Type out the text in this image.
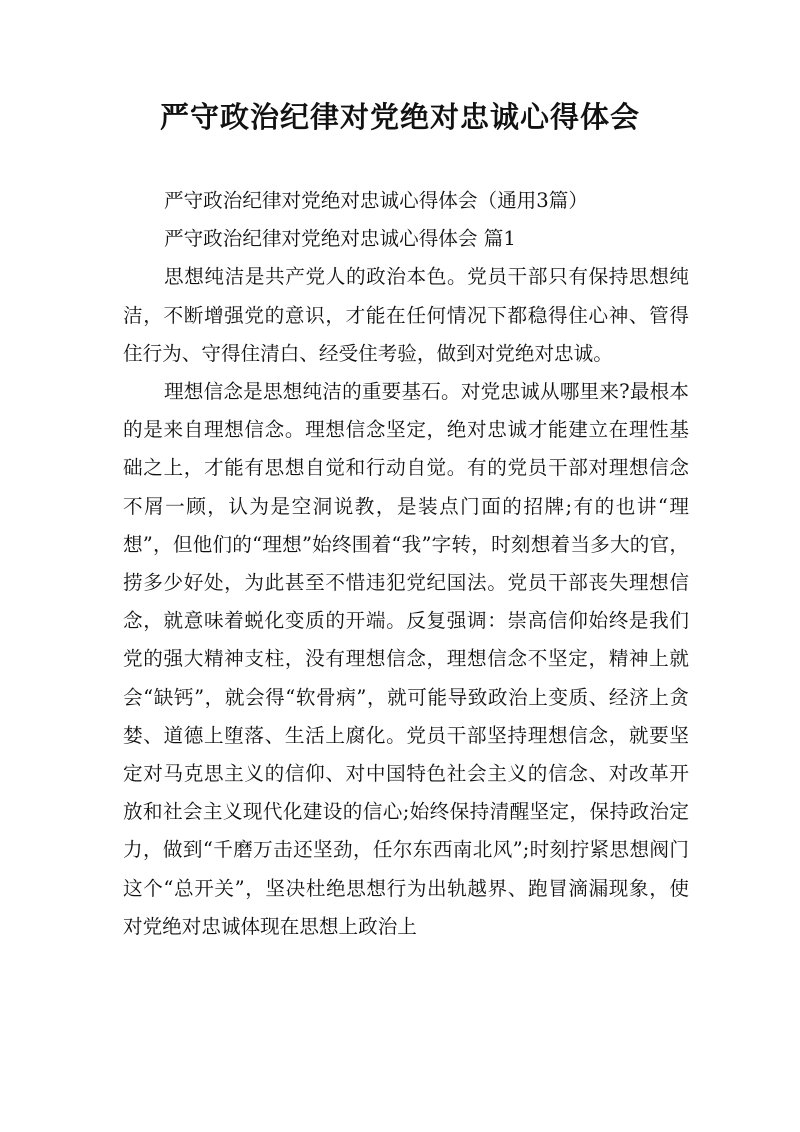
严守政治纪律对党绝对忠诚心得体会

严守政治纪律对党绝对忠诚心得体会（通用3篇）

严守政治纪律对党绝对忠诚心得体会 篇1

思想纯洁是共产党人的政治本色。党员干部只有保持思想纯洁，不断增强党的意识，才能在任何情况下都稳得住心神、管得住行为、守得住清白、经受住考验，做到对党绝对忠诚。

理想信念是思想纯洁的重要基石。对党忠诚从哪里来?最根本的是来自理想信念。理想信念坚定，绝对忠诚才能建立在理性基础之上，才能有思想自觉和行动自觉。有的党员干部对理想信念不屑一顾，认为是空洞说教，是装点门面的招牌;有的也讲“理想”，但他们的“理想”始终围着“我”字转，时刻想着当多大的官，捞多少好处，为此甚至不惜违犯党纪国法。党员干部丧失理想信念，就意味着蜕化变质的开端。反复强调：崇高信仰始终是我们党的强大精神支柱，没有理想信念，理想信念不坚定，精神上就会“缺钙”，就会得“软骨病”，就可能导致政治上变质、经济上贪婪、道德上堕落、生活上腐化。党员干部坚持理想信念，就要坚定对马克思主义的信仰、对中国特色社会主义的信念、对改革开放和社会主义现代化建设的信心;始终保持清醒坚定，保持政治定力，做到“千磨万击还坚劲，任尔东西南北风”;时刻拧紧思想阀门这个“总开关”，坚决杜绝思想行为出轨越界、跑冒滴漏现象，使对党绝对忠诚体现在思想上政治上
